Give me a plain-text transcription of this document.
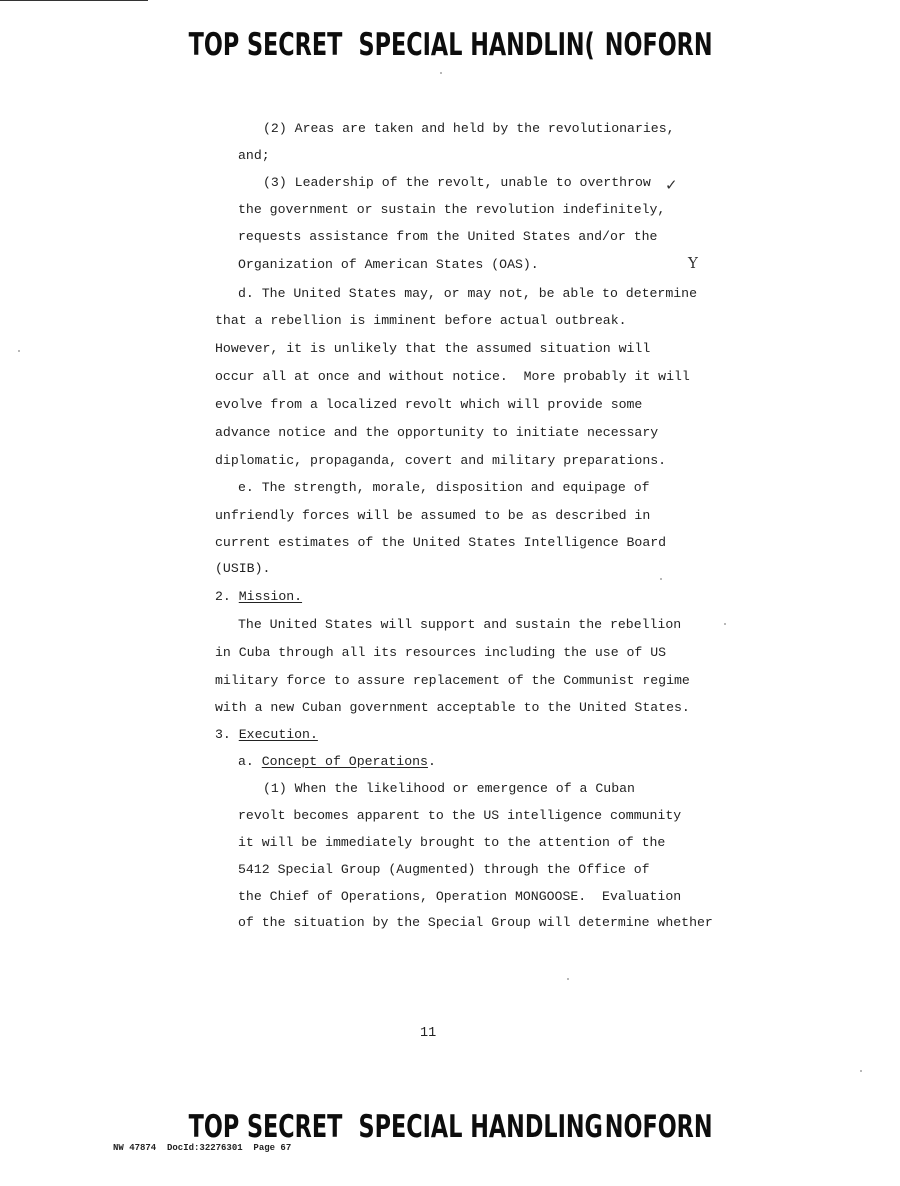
TOP SECRET SPECIAL HANDLIN( NOFORN
(2) Areas are taken and held by the revolutionaries,
and;
(3) Leadership of the revolt, unable to overthrow
the government or sustain the revolution indefinitely,
requests assistance from the United States and/or the
Organization of American States (OAS).
d. The United States may, or may not, be able to determine
that a rebellion is imminent before actual outbreak.
However, it is unlikely that the assumed situation will
occur all at once and without notice.  More probably it will
evolve from a localized revolt which will provide some
advance notice and the opportunity to initiate necessary
diplomatic, propaganda, covert and military preparations.
e. The strength, morale, disposition and equipage of
unfriendly forces will be assumed to be as described in
current estimates of the United States Intelligence Board
(USIB).
2. Mission.
The United States will support and sustain the rebellion
in Cuba through all its resources including the use of US
military force to assure replacement of the Communist regime
with a new Cuban government acceptable to the United States.
3. Execution.
a. Concept of Operations.
(1) When the likelihood or emergence of a Cuban
revolt becomes apparent to the US intelligence community
it will be immediately brought to the attention of the
5412 Special Group (Augmented) through the Office of
the Chief of Operations, Operation MONGOOSE.  Evaluation
of the situation by the Special Group will determine whether
✓
Y
11
TOP SECRET SPECIAL HANDLING NOFORN
NW 47874  DocId:32276301  Page 67
